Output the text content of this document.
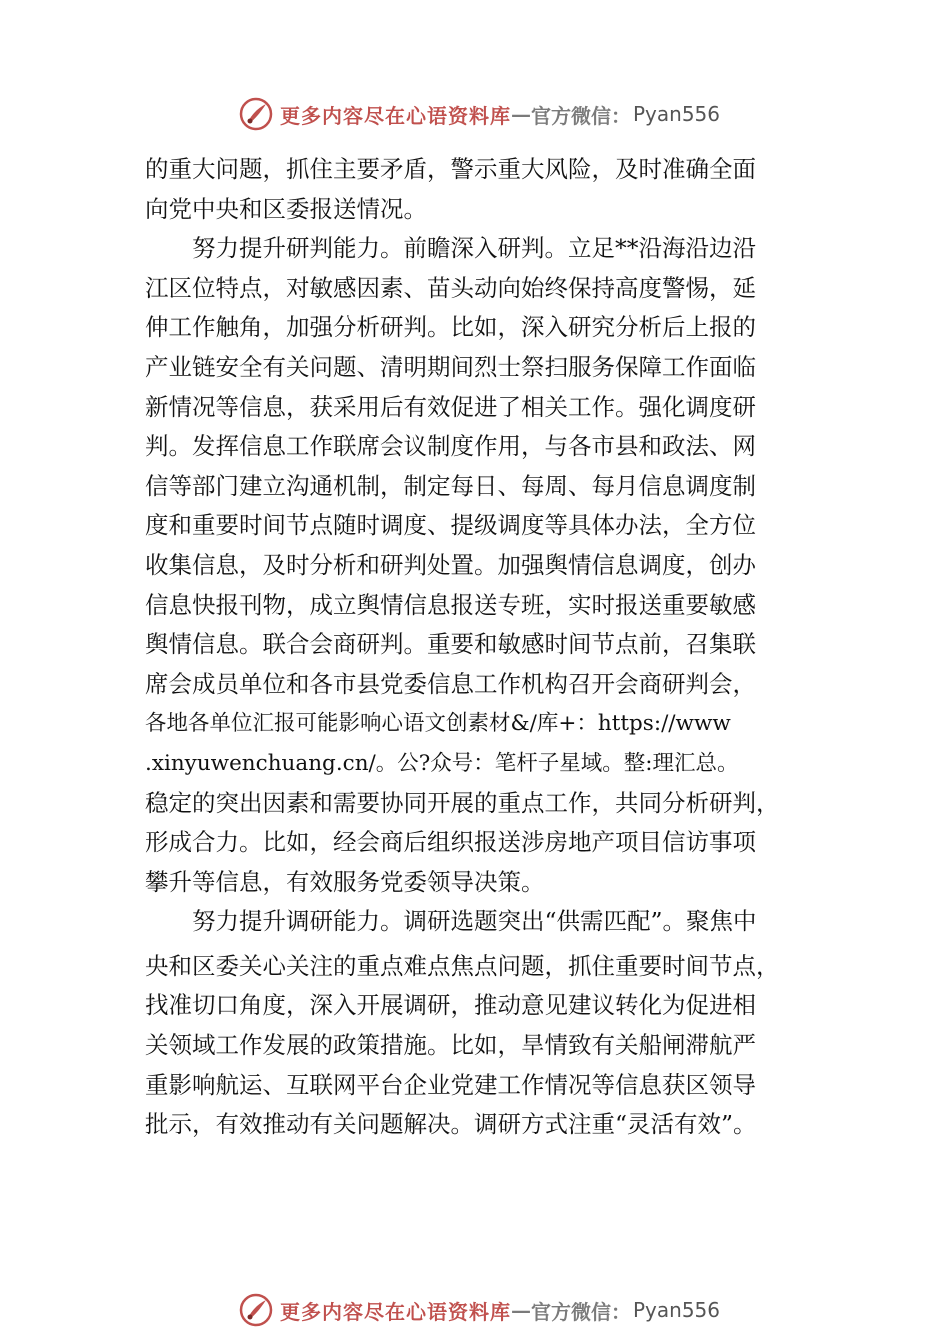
更多内容尽在心语资料库 — 官方微信： Pyan556
的重大问题，抓住主要矛盾，警示重大风险，及时准确全面
向党中央和区委报送情况。
努力提升研判能力。前瞻深入研判。立足**沿海沿边沿
江区位特点，对敏感因素、苗头动向始终保持高度警惕，延
伸工作触角，加强分析研判。比如，深入研究分析后上报的
产业链安全有关问题、清明期间烈士祭扫服务保障工作面临
新情况等信息，获采用后有效促进了相关工作。强化调度研
判。发挥信息工作联席会议制度作用，与各市县和政法、网
信等部门建立沟通机制，制定每日、每周、每月信息调度制
度和重要时间节点随时调度、提级调度等具体办法，全方位
收集信息，及时分析和研判处置。加强舆情信息调度，创办
信息快报刊物，成立舆情信息报送专班，实时报送重要敏感
舆情信息。联合会商研判。重要和敏感时间节点前，召集联
席会成员单位和各市县党委信息工作机构召开会商研判会，
各地各单位汇报可能影响心语文创素材&/库+：https://www
.xinyuwenchuang.cn/。公?众号：笔杆子星域。整:理汇总。
稳定的突出因素和需要协同开展的重点工作，共同分析研判，
形成合力。比如，经会商后组织报送涉房地产项目信访事项
攀升等信息，有效服务党委领导决策。
努力提升调研能力。调研选题突出“供需匹配”。聚焦中
央和区委关心关注的重点难点焦点问题，抓住重要时间节点，
找准切口角度，深入开展调研，推动意见建议转化为促进相
关领域工作发展的政策措施。比如，旱情致有关船闸滞航严
重影响航运、互联网平台企业党建工作情况等信息获区领导
批示，有效推动有关问题解决。调研方式注重“灵活有效”。
更多内容尽在心语资料库 — 官方微信： Pyan556
